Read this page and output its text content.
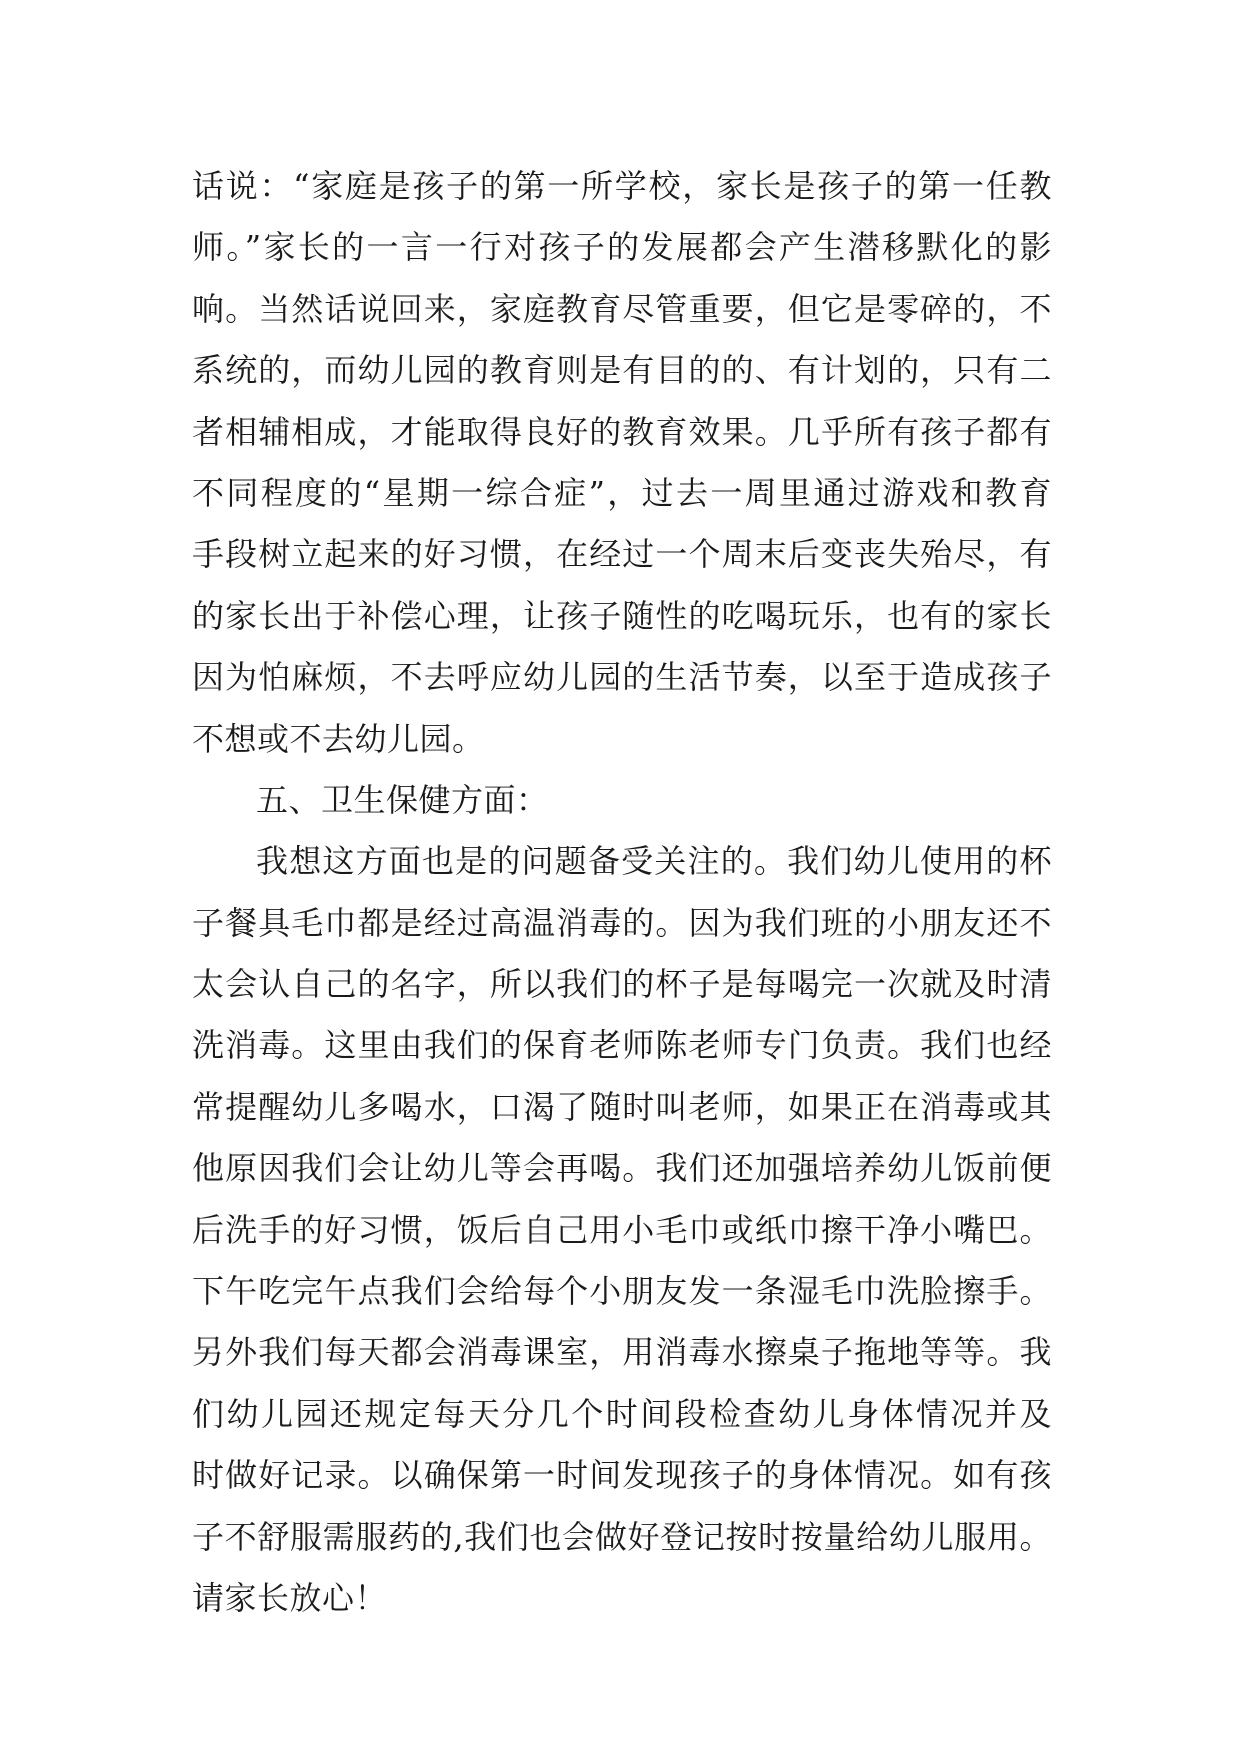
话说：“家庭是孩子的第一所学校，家长是孩子的第一任教
师。”家长的一言一行对孩子的发展都会产生潜移默化的影
响。当然话说回来，家庭教育尽管重要，但它是零碎的，不
系统的，而幼儿园的教育则是有目的的、有计划的，只有二
者相辅相成，才能取得良好的教育效果。几乎所有孩子都有
不同程度的“星期一综合症”，过去一周里通过游戏和教育
手段树立起来的好习惯，在经过一个周末后变丧失殆尽，有
的家长出于补偿心理，让孩子随性的吃喝玩乐，也有的家长
因为怕麻烦，不去呼应幼儿园的生活节奏，以至于造成孩子
不想或不去幼儿园。
五、卫生保健方面：
我想这方面也是的问题备受关注的。我们幼儿使用的杯
子餐具毛巾都是经过高温消毒的。因为我们班的小朋友还不
太会认自己的名字，所以我们的杯子是每喝完一次就及时清
洗消毒。这里由我们的保育老师陈老师专门负责。我们也经
常提醒幼儿多喝水，口渴了随时叫老师，如果正在消毒或其
他原因我们会让幼儿等会再喝。我们还加强培养幼儿饭前便
后洗手的好习惯，饭后自己用小毛巾或纸巾擦干净小嘴巴。
下午吃完午点我们会给每个小朋友发一条湿毛巾洗脸擦手。
另外我们每天都会消毒课室，用消毒水擦桌子拖地等等。我
们幼儿园还规定每天分几个时间段检查幼儿身体情况并及
时做好记录。以确保第一时间发现孩子的身体情况。如有孩
子不舒服需服药的,我们也会做好登记按时按量给幼儿服用。
请家长放心！
